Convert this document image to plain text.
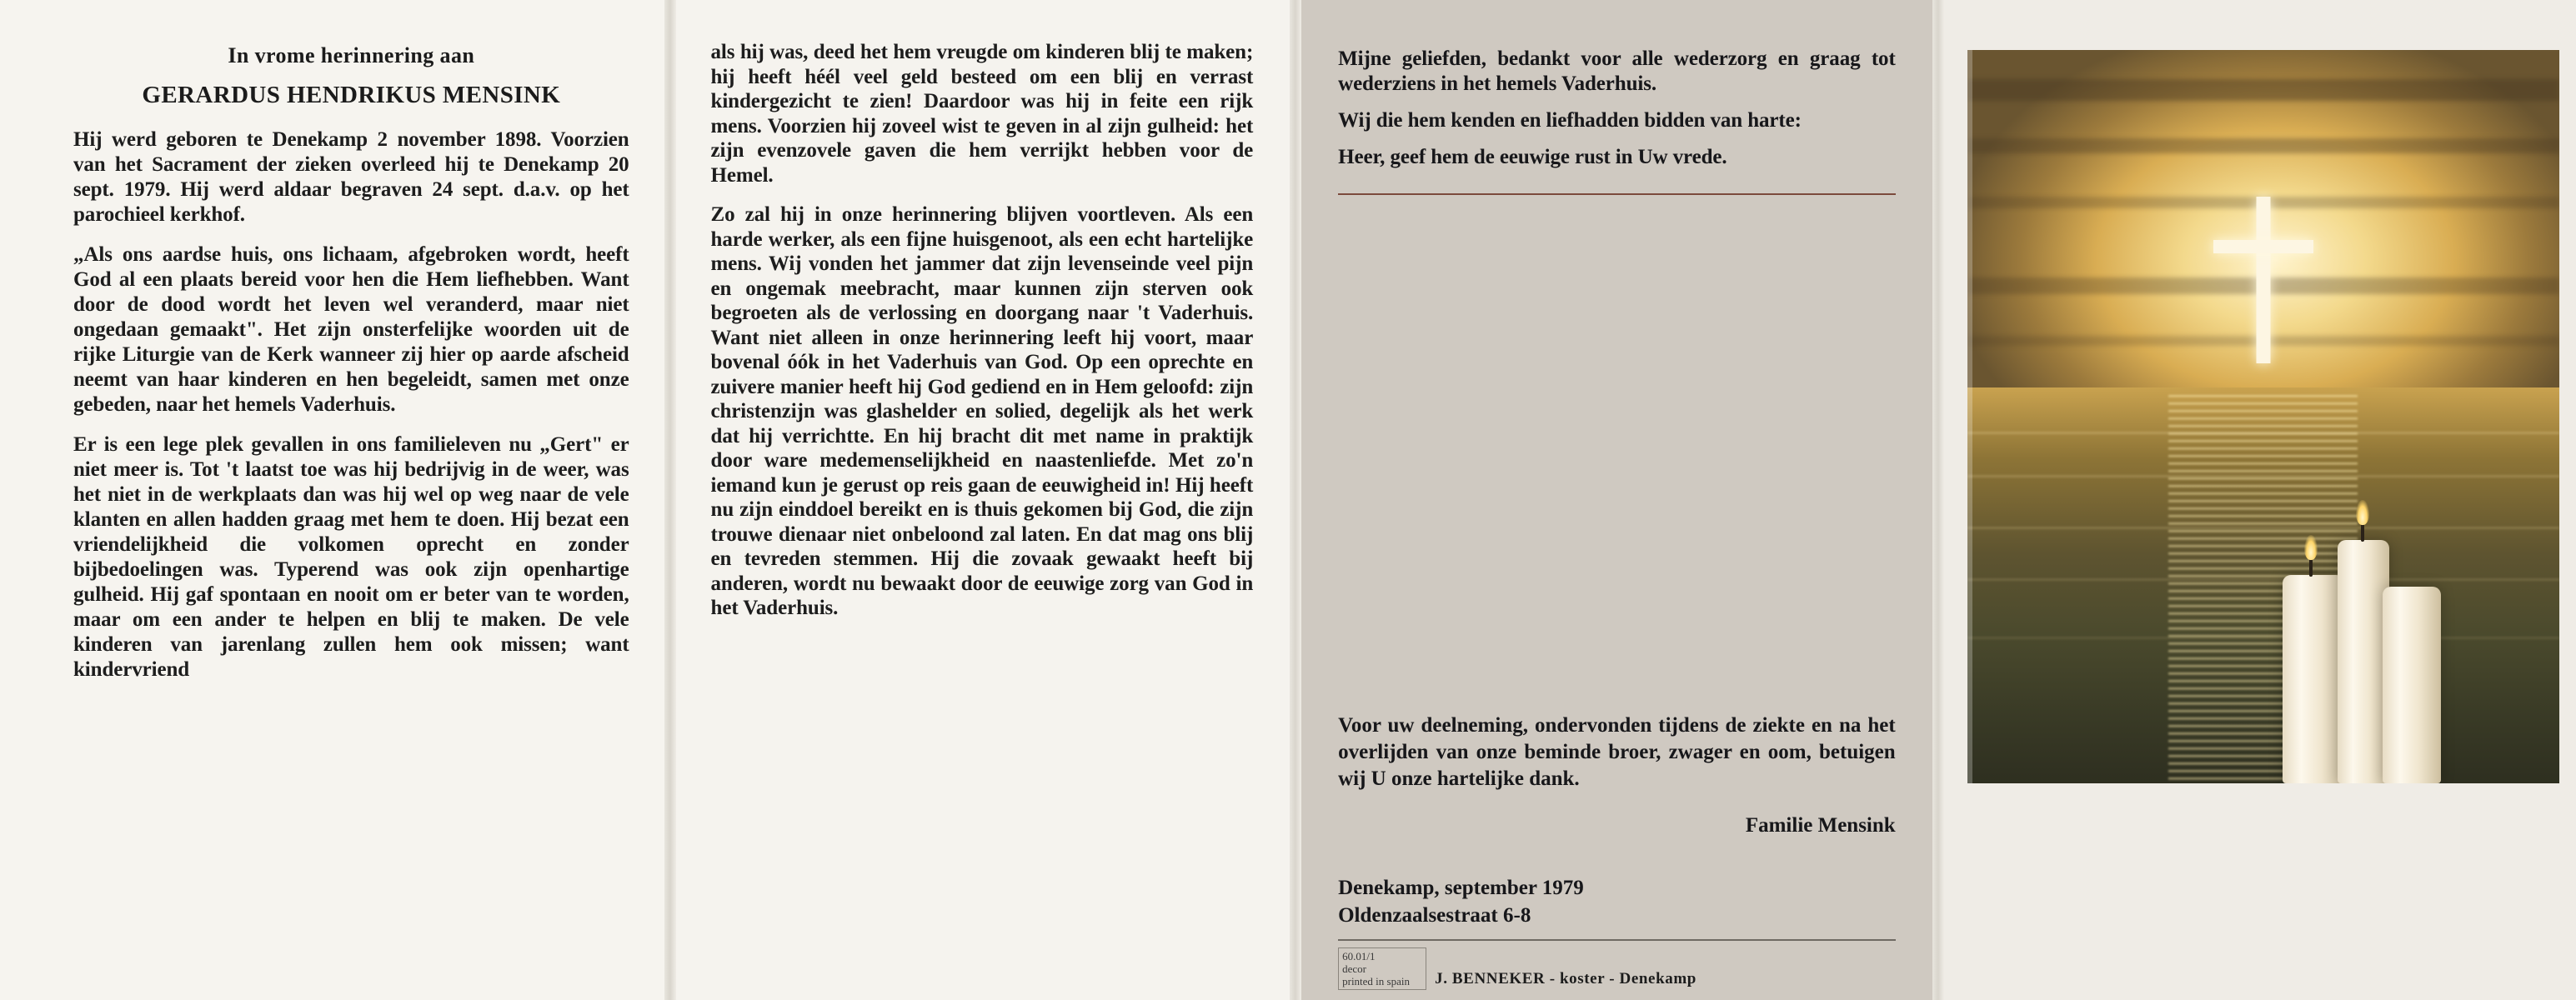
In vrome herinnering aan
GERARDUS HENDRIKUS MENSINK

Hij werd geboren te Denekamp 2 november 1898. Voorzien van het Sacrament der zieken overleed hij te Denekamp 20 sept. 1979. Hij werd aldaar begraven 24 sept. d.a.v. op het parochieel kerkhof.

„Als ons aardse huis, ons lichaam, afgebroken wordt, heeft God al een plaats bereid voor hen die Hem liefhebben. Want door de dood wordt het leven wel veranderd, maar niet ongedaan gemaakt". Het zijn onsterfelijke woorden uit de rijke Liturgie van de Kerk wanneer zij hier op aarde afscheid neemt van haar kinderen en hen begeleidt, samen met onze gebeden, naar het hemels Vaderhuis.

Er is een lege plek gevallen in ons familieleven nu „Gert" er niet meer is. Tot 't laatst toe was hij bedrijvig in de weer, was het niet in de werkplaats dan was hij wel op weg naar de vele klanten en allen hadden graag met hem te doen. Hij bezat een vriendelijkheid die volkomen oprecht en zonder bijbedoelingen was. Typerend was ook zijn openhartige gulheid. Hij gaf spontaan en nooit om er beter van te worden, maar om een ander te helpen en blij te maken. De vele kinderen van jarenlang zullen hem ook missen; want kindervriend

als hij was, deed het hem vreugde om kinderen blij te maken; hij heeft héél veel geld besteed om een blij en verrast kindergezicht te zien! Daardoor was hij in feite een rijk mens. Voorzien hij zoveel wist te geven in al zijn gulheid: het zijn evenzovele gaven die hem verrijkt hebben voor de Hemel.

Zo zal hij in onze herinnering blijven voortleven. Als een harde werker, als een fijne huisgenoot, als een echt hartelijke mens. Wij vonden het jammer dat zijn levenseinde veel pijn en ongemak meebracht, maar kunnen zijn sterven ook begroeten als de verlossing en doorgang naar 't Vaderhuis. Want niet alleen in onze herinnering leeft hij voort, maar bovenal óók in het Vaderhuis van God. Op een oprechte en zuivere manier heeft hij God gediend en in Hem geloofd: zijn christenzijn was glashelder en solied, degelijk als het werk dat hij verrichtte. En hij bracht dit met name in praktijk door ware medemenselijkheid en naastenliefde. Met zo'n iemand kun je gerust op reis gaan de eeuwigheid in! Hij heeft nu zijn einddoel bereikt en is thuis gekomen bij God, die zijn trouwe dienaar niet onbeloond zal laten. En dat mag ons blij en tevreden stemmen. Hij die zovaak gewaakt heeft bij anderen, wordt nu bewaakt door de eeuwige zorg van God in het Vaderhuis.

Mijne geliefden, bedankt voor alle wederzorg en graag tot wederziens in het hemels Vaderhuis.

Wij die hem kenden en liefhadden bidden van harte:

Heer, geef hem de eeuwige rust in Uw vrede.

Voor uw deelneming, ondervonden tijdens de ziekte en na het overlijden van onze beminde broer, zwager en oom, betuigen wij U onze hartelijke dank.
Familie Mensink
Denekamp, september 1979
Oldenzaalsestraat 6-8
60.01/1
decor
printed in spain	J. BENNEKER - koster - Denekamp
